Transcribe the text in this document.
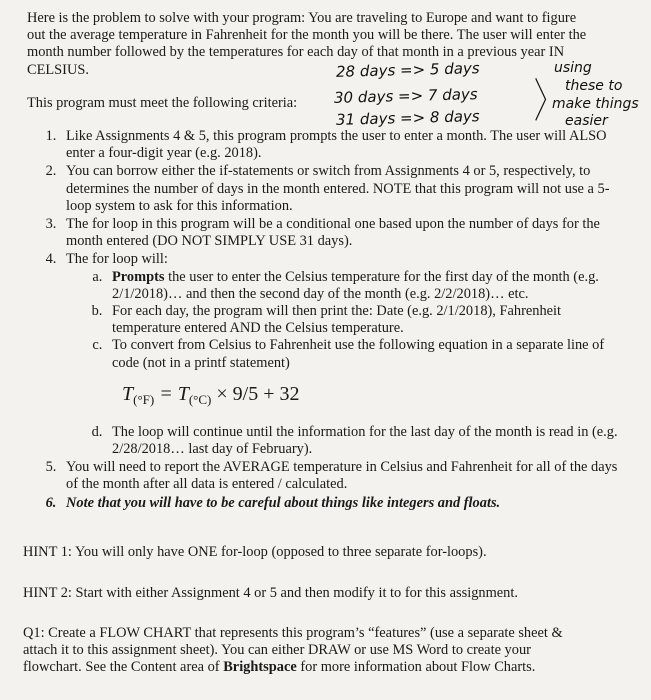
Here is the problem to solve with your program: You are traveling to Europe and want to figure out the average temperature in Fahrenheit for the month you will be there. The user will enter the month number followed by the temperatures for each day of that month in a previous year IN CELSIUS.
This program must meet the following criteria:
28 days => 5 days
30 days => 7 days
31 days => 8 days 〉
using
these to
make things
easier
1. Like Assignments 4 & 5, this program prompts the user to enter a month. The user will ALSO enter a four-digit year (e.g. 2018).
2. You can borrow either the if-statements or switch from Assignments 4 or 5, respectively, to determines the number of days in the month entered. NOTE that this program will not use a 5-loop system to ask for this information.
3. The for loop in this program will be a conditional one based upon the number of days for the month entered (DO NOT SIMPLY USE 31 days).
4. The for loop will:
a. Prompts the user to enter the Celsius temperature for the first day of the month (e.g. 2/1/2018)… and then the second day of the month (e.g. 2/2/2018)… etc.
b. For each day, the program will then print the: Date (e.g. 2/1/2018), Fahrenheit temperature entered AND the Celsius temperature.
c. To convert from Celsius to Fahrenheit use the following equation in a separate line of code (not in a printf statement)
$T_{(^\circ F)} = T_{(^\circ C)} \times 9/5 + 32$
d. The loop will continue until the information for the last day of the month is read in (e.g. 2/28/2018… last day of February).
5. You will need to report the AVERAGE temperature in Celsius and Fahrenheit for all of the days of the month after all data is entered / calculated.
6. Note that you will have to be careful about things like integers and floats.
HINT 1: You will only have ONE for-loop (opposed to three separate for-loops).
HINT 2: Start with either Assignment 4 or 5 and then modify it to for this assignment.
Q1: Create a FLOW CHART that represents this program’s “features” (use a separate sheet & attach it to this assignment sheet). You can either DRAW or use MS Word to create your flowchart. See the Content area of Brightspace for more information about Flow Charts.
